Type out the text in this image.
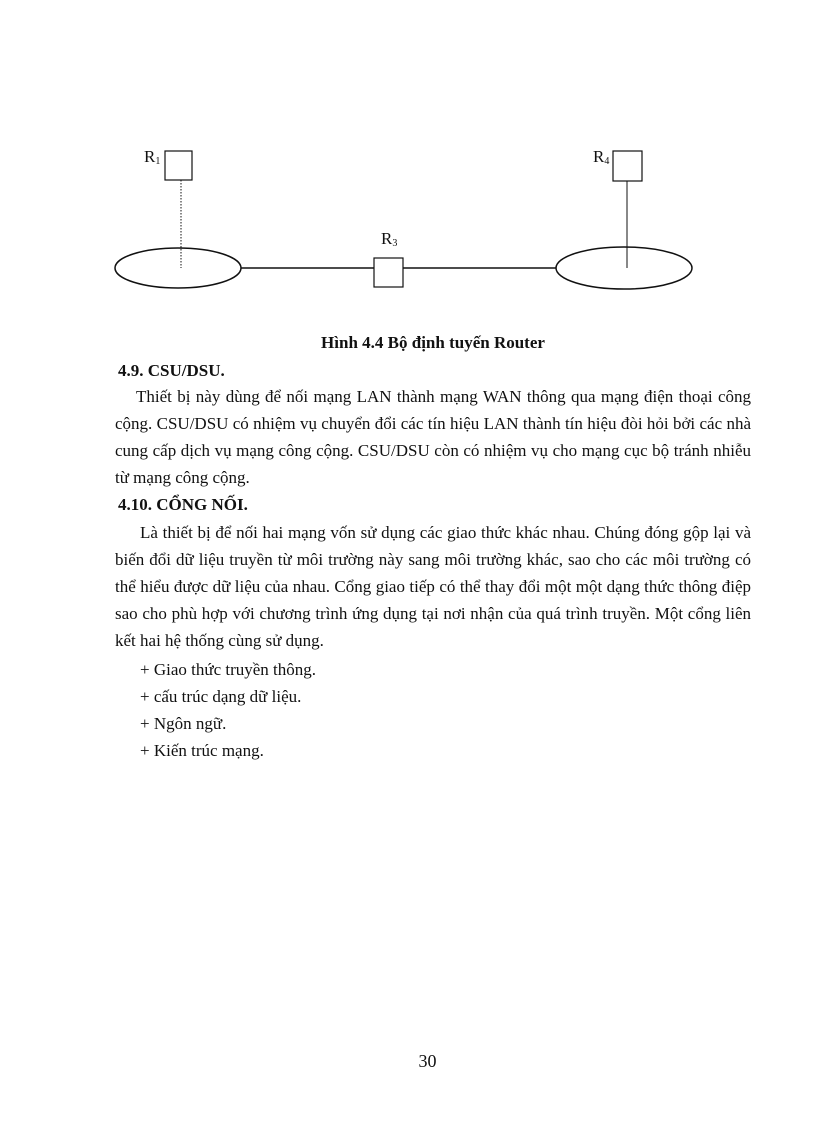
$R_1$	$R_4$
$R_3$
Hình 4.4 Bộ định tuyến Router
4.9. CSU/DSU.

Thiết bị này dùng để nối mạng LAN thành mạng WAN thông qua mạng điện thoại công cộng. CSU/DSU có nhiệm vụ chuyển đổi các tín hiệu LAN thành tín hiệu đòi hỏi bởi các nhà cung cấp dịch vụ mạng công cộng. CSU/DSU còn có nhiệm vụ cho mạng cục bộ tránh nhiễu từ mạng công cộng.

4.10. CỔNG NỐI.

Là thiết bị để nối hai mạng vốn sử dụng các giao thức khác nhau. Chúng đóng gộp lại và biến đổi dữ liệu truyền từ môi trường này sang môi trường khác, sao cho các môi trường có thể hiểu được dữ liệu của nhau. Cổng giao tiếp có thể thay đổi một một dạng thức thông điệp sao cho phù hợp với chương trình ứng dụng tại nơi nhận của quá trình truyền. Một cổng liên kết hai hệ thống cùng sử dụng.

+ Giao thức truyền thông.
+ cấu trúc dạng dữ liệu.
+ Ngôn ngữ.
+ Kiến trúc mạng.
30
